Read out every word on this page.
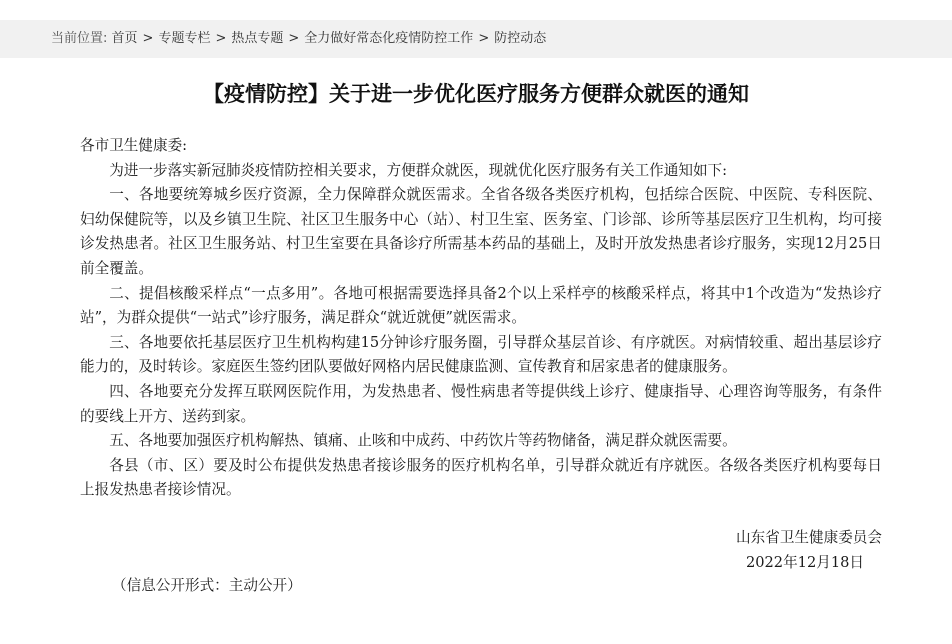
当前位置: 首页 > 专题专栏 > 热点专题 > 全力做好常态化疫情防控工作 > 防控动态
【疫情防控】关于进一步优化医疗服务方便群众就医的通知

各市卫生健康委:

为进一步落实新冠肺炎疫情防控相关要求，方便群众就医，现就优化医疗服务有关工作通知如下:

一、各地要统筹城乡医疗资源，全力保障群众就医需求。全省各级各类医疗机构，包括综合医院、中医院、专科医院、妇幼保健院等，以及乡镇卫生院、社区卫生服务中心（站）、村卫生室、医务室、门诊部、诊所等基层医疗卫生机构，均可接诊发热患者。社区卫生服务站、村卫生室要在具备诊疗所需基本药品的基础上，及时开放发热患者诊疗服务，实现12月25日前全覆盖。

二、提倡核酸采样点“一点多用”。各地可根据需要选择具备2个以上采样亭的核酸采样点，将其中1个改造为“发热诊疗站”，为群众提供“一站式”诊疗服务，满足群众“就近就便”就医需求。

三、各地要依托基层医疗卫生机构构建15分钟诊疗服务圈，引导群众基层首诊、有序就医。对病情较重、超出基层诊疗能力的，及时转诊。家庭医生签约团队要做好网格内居民健康监测、宣传教育和居家患者的健康服务。

四、各地要充分发挥互联网医院作用，为发热患者、慢性病患者等提供线上诊疗、健康指导、心理咨询等服务，有条件的要线上开方、送药到家。

五、各地要加强医疗机构解热、镇痛、止咳和中成药、中药饮片等药物储备，满足群众就医需要。

各县（市、区）要及时公布提供发热患者接诊服务的医疗机构名单，引导群众就近有序就医。各级各类医疗机构要每日上报发热患者接诊情况。

山东省卫生健康委员会
2022年12月18日
（信息公开形式：主动公开）
